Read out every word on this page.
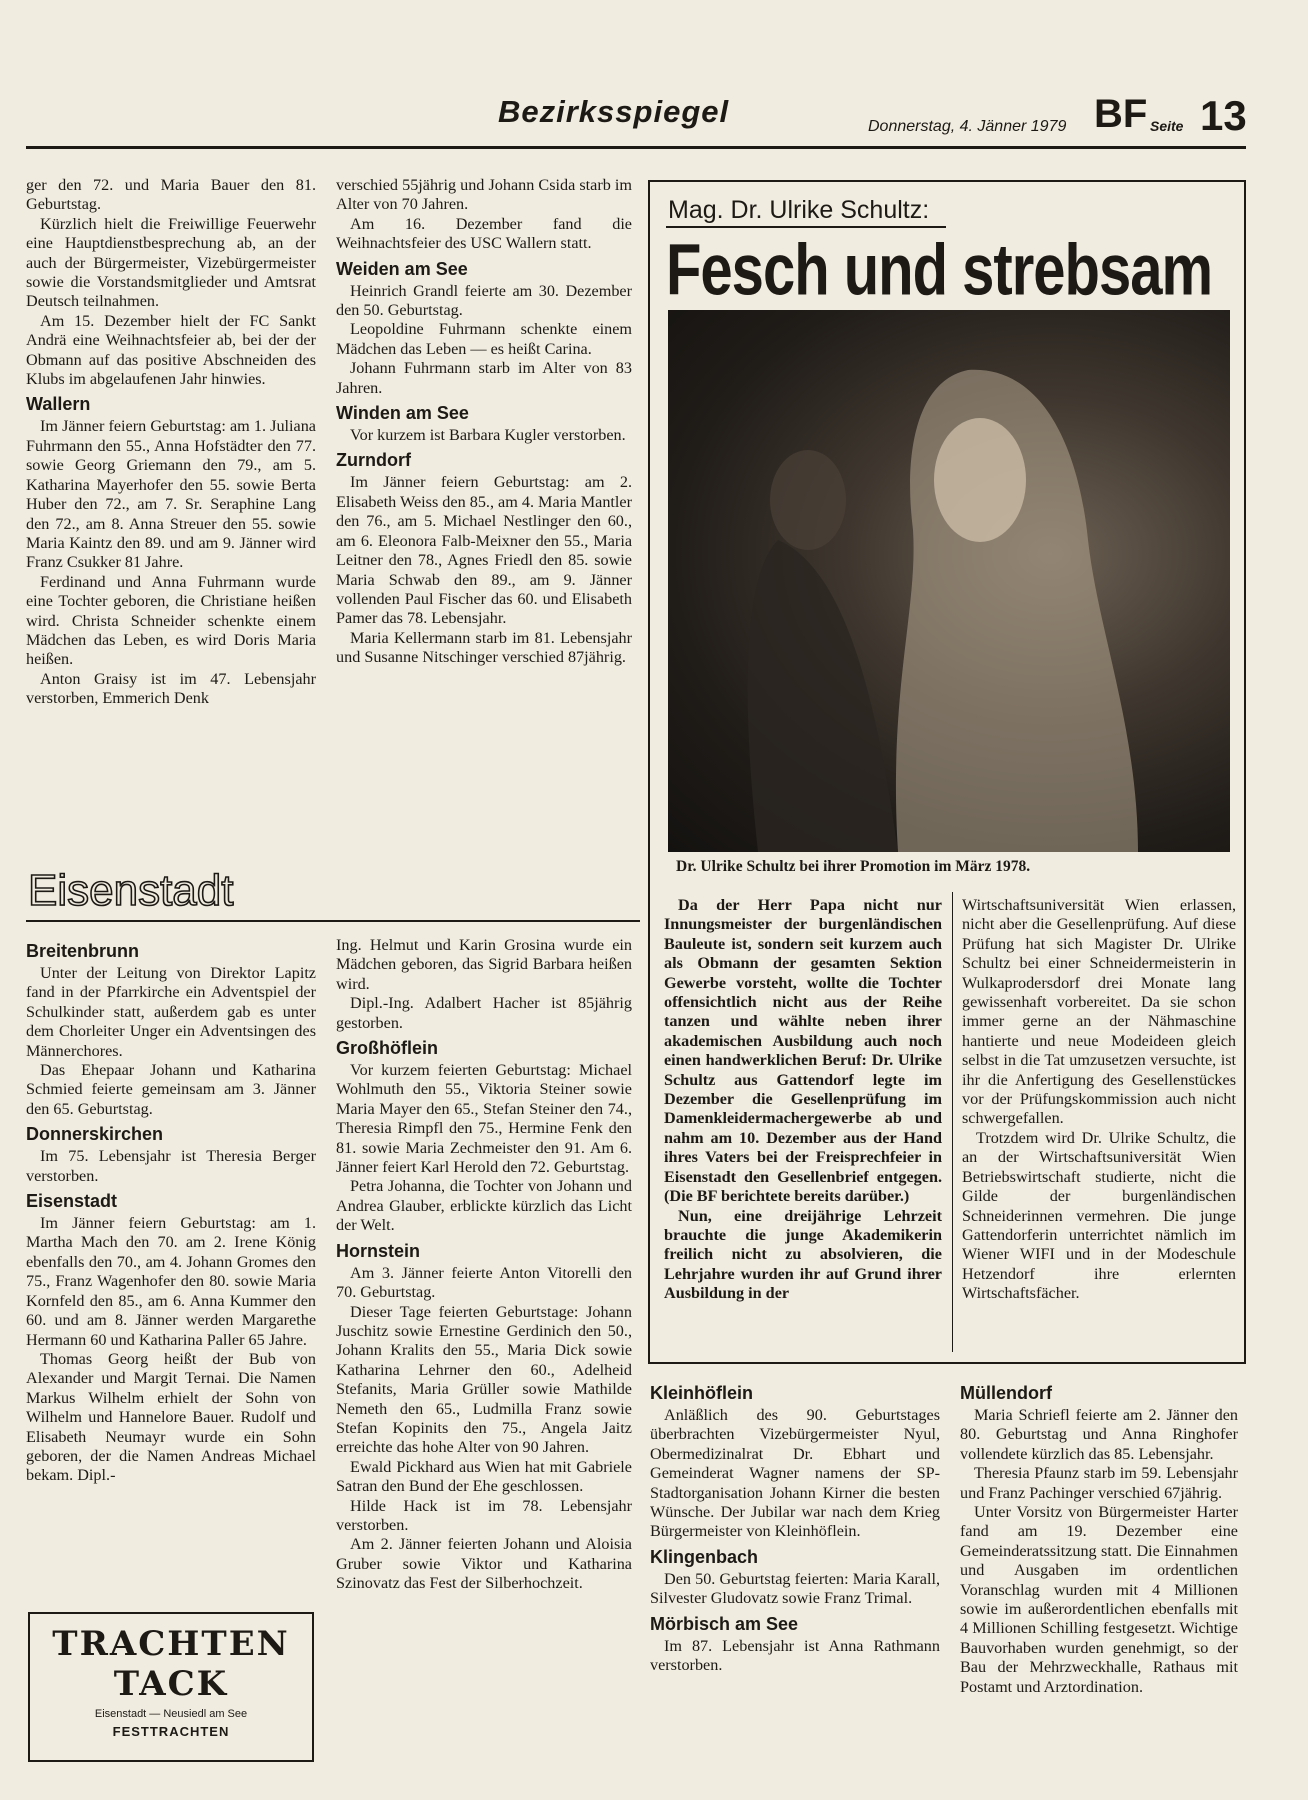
Bezirksspiegel	Donnerstag, 4. Jänner 1979 BF Seite 13

ger den 72. und Maria Bauer den 81. Geburtstag.

Kürzlich hielt die Freiwillige Feuerwehr eine Hauptdienstbesprechung ab, an der auch der Bürgermeister, Vizebürgermeister sowie die Vorstandsmitglieder und Amtsrat Deutsch teilnahmen.

Am 15. Dezember hielt der FC Sankt Andrä eine Weihnachtsfeier ab, bei der der Obmann auf das positive Abschneiden des Klubs im abgelaufenen Jahr hinwies.

Wallern

Im Jänner feiern Geburtstag: am 1. Juliana Fuhrmann den 55., Anna Hofstädter den 77. sowie Georg Griemann den 79., am 5. Katharina Mayerhofer den 55. sowie Berta Huber den 72., am 7. Sr. Seraphine Lang den 72., am 8. Anna Streuer den 55. sowie Maria Kaintz den 89. und am 9. Jänner wird Franz Csukker 81 Jahre.

Ferdinand und Anna Fuhrmann wurde eine Tochter geboren, die Christiane heißen wird. Christa Schneider schenkte einem Mädchen das Leben, es wird Doris Maria heißen.

Anton Graisy ist im 47. Lebensjahr verstorben, Emmerich Denk

verschied 55jährig und Johann Csida starb im Alter von 70 Jahren.

Am 16. Dezember fand die Weihnachtsfeier des USC Wallern statt.

Weiden am See

Heinrich Grandl feierte am 30. Dezember den 50. Geburtstag.

Leopoldine Fuhrmann schenkte einem Mädchen das Leben — es heißt Carina.

Johann Fuhrmann starb im Alter von 83 Jahren.

Winden am See

Vor kurzem ist Barbara Kugler verstorben.

Zurndorf

Im Jänner feiern Geburtstag: am 2. Elisabeth Weiss den 85., am 4. Maria Mantler den 76., am 5. Michael Nestlinger den 60., am 6. Eleonora Falb-Meixner den 55., Maria Leitner den 78., Agnes Friedl den 85. sowie Maria Schwab den 89., am 9. Jänner vollenden Paul Fischer das 60. und Elisabeth Pamer das 78. Lebensjahr.

Maria Kellermann starb im 81. Lebensjahr und Susanne Nitschinger verschied 87jährig.

Mag. Dr. Ulrike Schultz:
Fesch und strebsam
Dr. Ulrike Schultz bei ihrer Promotion im März 1978.

Da der Herr Papa nicht nur Innungsmeister der burgenländischen Bauleute ist, sondern seit kurzem auch als Obmann der gesamten Sektion Gewerbe vorsteht, wollte die Tochter offensichtlich nicht aus der Reihe tanzen und wählte neben ihrer akademischen Ausbildung auch noch einen handwerklichen Beruf: Dr. Ulrike Schultz aus Gattendorf legte im Dezember die Gesellenprüfung im Damenkleidermachergewerbe ab und nahm am 10. Dezember aus der Hand ihres Vaters bei der Freisprechfeier in Eisenstadt den Gesellenbrief entgegen. (Die BF berichtete bereits darüber.)

Nun, eine dreijährige Lehrzeit brauchte die junge Akademikerin freilich nicht zu absolvieren, die Lehrjahre wurden ihr auf Grund ihrer Ausbildung in der

Wirtschaftsuniversität Wien erlassen, nicht aber die Gesellenprüfung. Auf diese Prüfung hat sich Magister Dr. Ulrike Schultz bei einer Schneidermeisterin in Wulkaprodersdorf drei Monate lang gewissenhaft vorbereitet. Da sie schon immer gerne an der Nähmaschine hantierte und neue Modeideen gleich selbst in die Tat umzusetzen versuchte, ist ihr die Anfertigung des Gesellenstückes vor der Prüfungskommission auch nicht schwergefallen.

Trotzdem wird Dr. Ulrike Schultz, die an der Wirtschaftsuniversität Wien Betriebswirtschaft studierte, nicht die Gilde der burgenländischen Schneiderinnen vermehren. Die junge Gattendorferin unterrichtet nämlich im Wiener WIFI und in der Modeschule Hetzendorf ihre erlernten Wirtschaftsfächer.

Eisenstadt
Breitenbrunn

Unter der Leitung von Direktor Lapitz fand in der Pfarrkirche ein Adventspiel der Schulkinder statt, außerdem gab es unter dem Chorleiter Unger ein Adventsingen des Männerchores.

Das Ehepaar Johann und Katharina Schmied feierte gemeinsam am 3. Jänner den 65. Geburtstag.

Donnerskirchen

Im 75. Lebensjahr ist Theresia Berger verstorben.

Eisenstadt

Im Jänner feiern Geburtstag: am 1. Martha Mach den 70. am 2. Irene König ebenfalls den 70., am 4. Johann Gromes den 75., Franz Wagenhofer den 80. sowie Maria Kornfeld den 85., am 6. Anna Kummer den 60. und am 8. Jänner werden Margarethe Hermann 60 und Katharina Paller 65 Jahre.

Thomas Georg heißt der Bub von Alexander und Margit Ternai. Die Namen Markus Wilhelm erhielt der Sohn von Wilhelm und Hannelore Bauer. Rudolf und Elisabeth Neumayr wurde ein Sohn geboren, der die Namen Andreas Michael bekam. Dipl.-

Ing. Helmut und Karin Grosina wurde ein Mädchen geboren, das Sigrid Barbara heißen wird.

Dipl.-Ing. Adalbert Hacher ist 85jährig gestorben.

Großhöflein

Vor kurzem feierten Geburtstag: Michael Wohlmuth den 55., Viktoria Steiner sowie Maria Mayer den 65., Stefan Steiner den 74., Theresia Rimpfl den 75., Hermine Fenk den 81. sowie Maria Zechmeister den 91. Am 6. Jänner feiert Karl Herold den 72. Geburtstag.

Petra Johanna, die Tochter von Johann und Andrea Glauber, erblickte kürzlich das Licht der Welt.

Hornstein

Am 3. Jänner feierte Anton Vitorelli den 70. Geburtstag.

Dieser Tage feierten Geburtstage: Johann Juschitz sowie Ernestine Gerdinich den 50., Johann Kralits den 55., Maria Dick sowie Katharina Lehrner den 60., Adelheid Stefanits, Maria Grüller sowie Mathilde Nemeth den 65., Ludmilla Franz sowie Stefan Kopinits den 75., Angela Jaitz erreichte das hohe Alter von 90 Jahren.

Ewald Pickhard aus Wien hat mit Gabriele Satran den Bund der Ehe geschlossen.

Hilde Hack ist im 78. Lebensjahr verstorben.

Am 2. Jänner feierten Johann und Aloisia Gruber sowie Viktor und Katharina Szinovatz das Fest der Silberhochzeit.

Kleinhöflein

Anläßlich des 90. Geburtstages überbrachten Vizebürgermeister Nyul, Obermedizinalrat Dr. Ebhart und Gemeinderat Wagner namens der SP-Stadtorganisation Johann Kirner die besten Wünsche. Der Jubilar war nach dem Krieg Bürgermeister von Kleinhöflein.

Klingenbach

Den 50. Geburtstag feierten: Maria Karall, Silvester Gludovatz sowie Franz Trimal.

Mörbisch am See

Im 87. Lebensjahr ist Anna Rathmann verstorben.

Müllendorf

Maria Schriefl feierte am 2. Jänner den 80. Geburtstag und Anna Ringhofer vollendete kürzlich das 85. Lebensjahr.

Theresia Pfaunz starb im 59. Lebensjahr und Franz Pachinger verschied 67jährig.

Unter Vorsitz von Bürgermeister Harter fand am 19. Dezember eine Gemeinderatssitzung statt. Die Einnahmen und Ausgaben im ordentlichen Voranschlag wurden mit 4 Millionen sowie im außerordentlichen ebenfalls mit 4 Millionen Schilling festgesetzt. Wichtige Bauvorhaben wurden genehmigt, so der Bau der Mehrzweckhalle, Rathaus mit Postamt und Arztordination.

TRACHTEN
TACK
Eisenstadt — Neusiedl am See
FESTTRACHTEN
